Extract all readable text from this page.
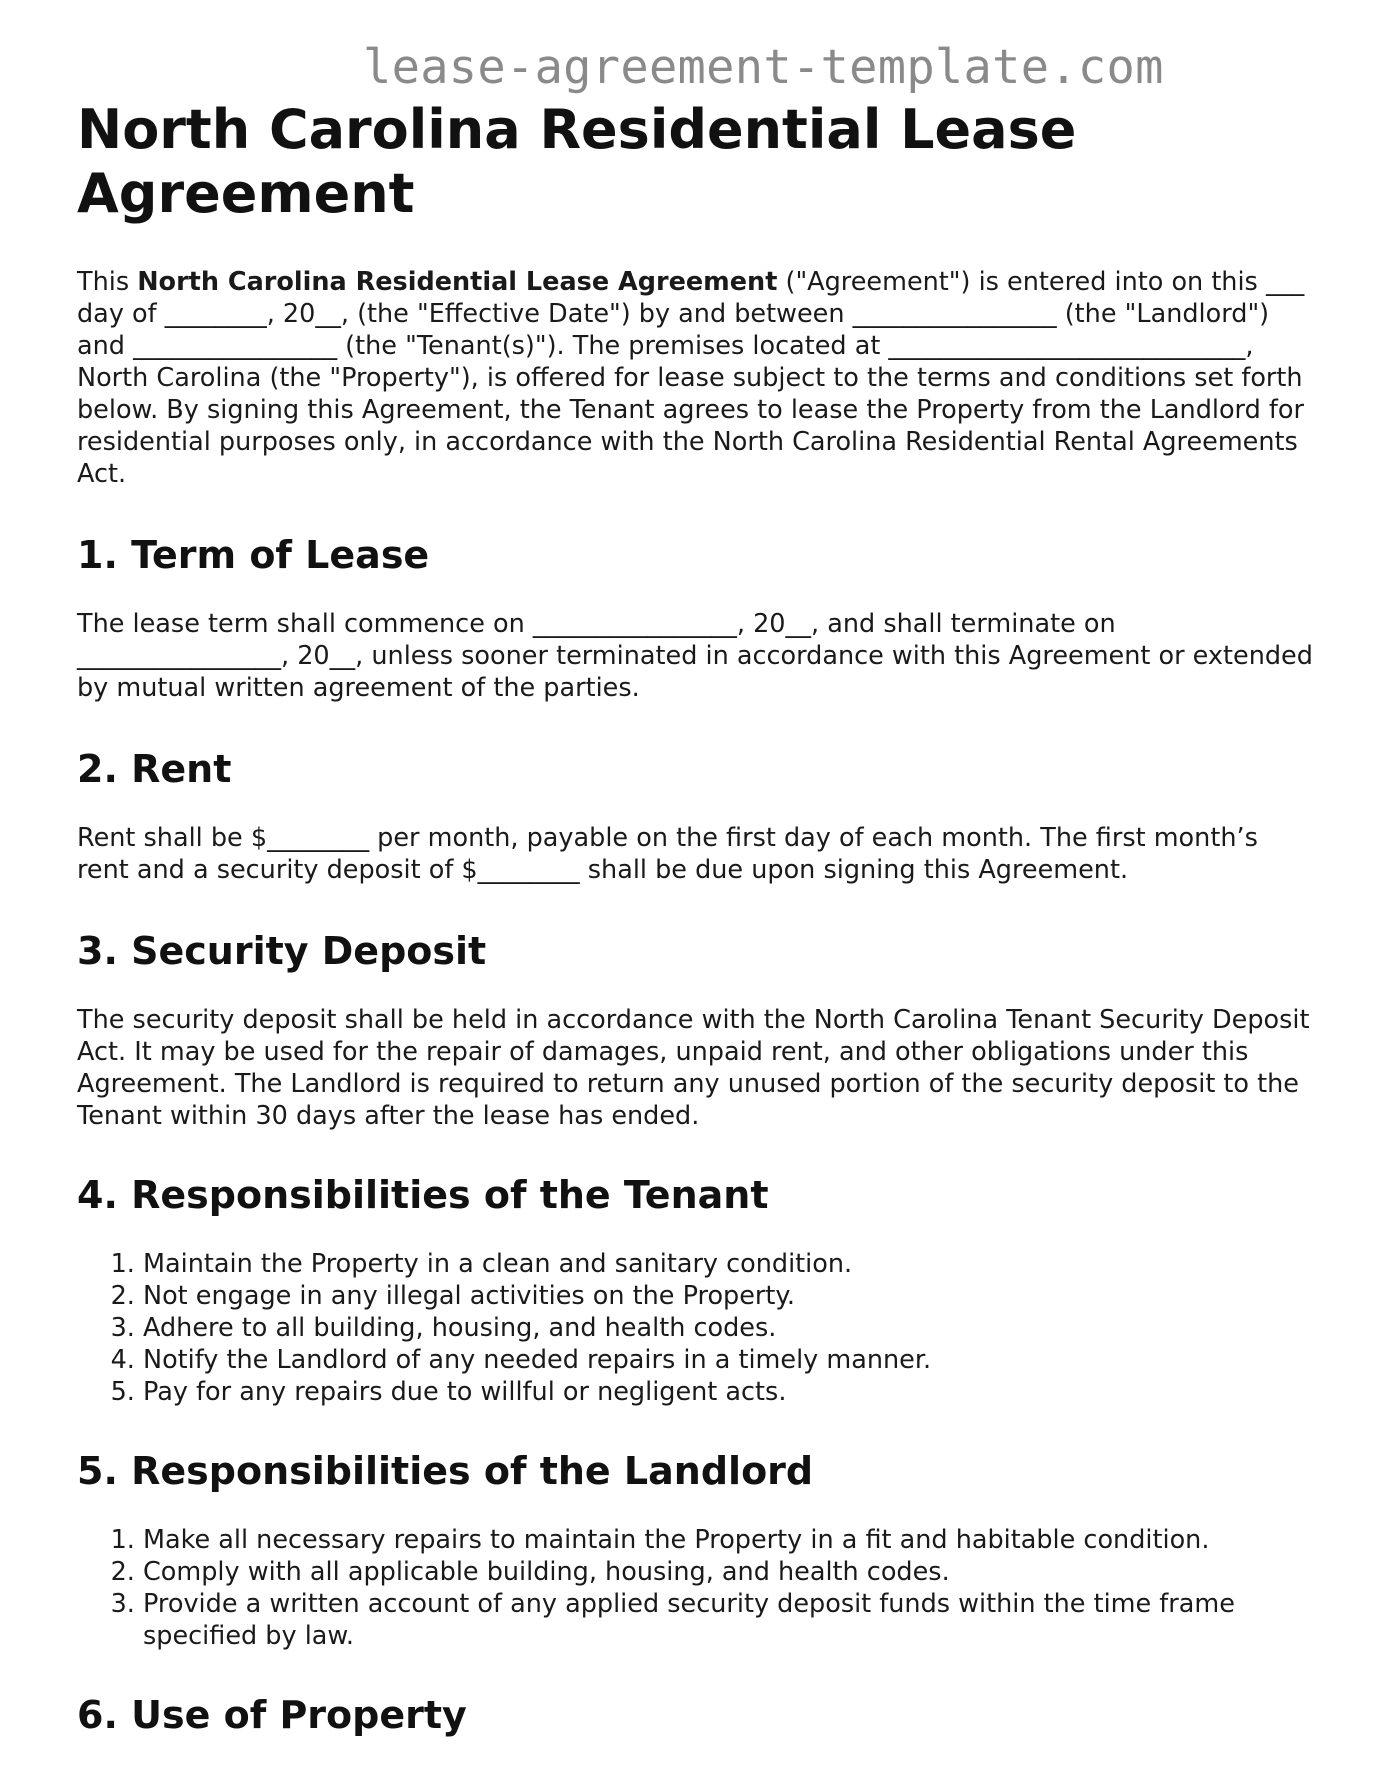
lease-agreement-template.com
North Carolina Residential Lease Agreement

This North Carolina Residential Lease Agreement ("Agreement") is entered into on this ___ day of ________, 20__, (the "Effective Date") by and between ________________ (the "Landlord") and ________________ (the "Tenant(s)"). The premises located at ____________________________, North Carolina (the "Property"), is offered for lease subject to the terms and conditions set forth below. By signing this Agreement, the Tenant agrees to lease the Property from the Landlord for residential purposes only, in accordance with the North Carolina Residential Rental Agreements Act.

1. Term of Lease

The lease term shall commence on ________________, 20__, and shall terminate on ________________, 20__, unless sooner terminated in accordance with this Agreement or extended by mutual written agreement of the parties.

2. Rent

Rent shall be $________ per month, payable on the first day of each month. The first month’s rent and a security deposit of $________ shall be due upon signing this Agreement.

3. Security Deposit

The security deposit shall be held in accordance with the North Carolina Tenant Security Deposit Act. It may be used for the repair of damages, unpaid rent, and other obligations under this Agreement. The Landlord is required to return any unused portion of the security deposit to the Tenant within 30 days after the lease has ended.

4. Responsibilities of the Tenant
1. Maintain the Property in a clean and sanitary condition.
2. Not engage in any illegal activities on the Property.
3. Adhere to all building, housing, and health codes.
4. Notify the Landlord of any needed repairs in a timely manner.
5. Pay for any repairs due to willful or negligent acts.
5. Responsibilities of the Landlord
1. Make all necessary repairs to maintain the Property in a fit and habitable condition.
2. Comply with all applicable building, housing, and health codes.
3. Provide a written account of any applied security deposit funds within the time frame specified by law.
6. Use of Property
